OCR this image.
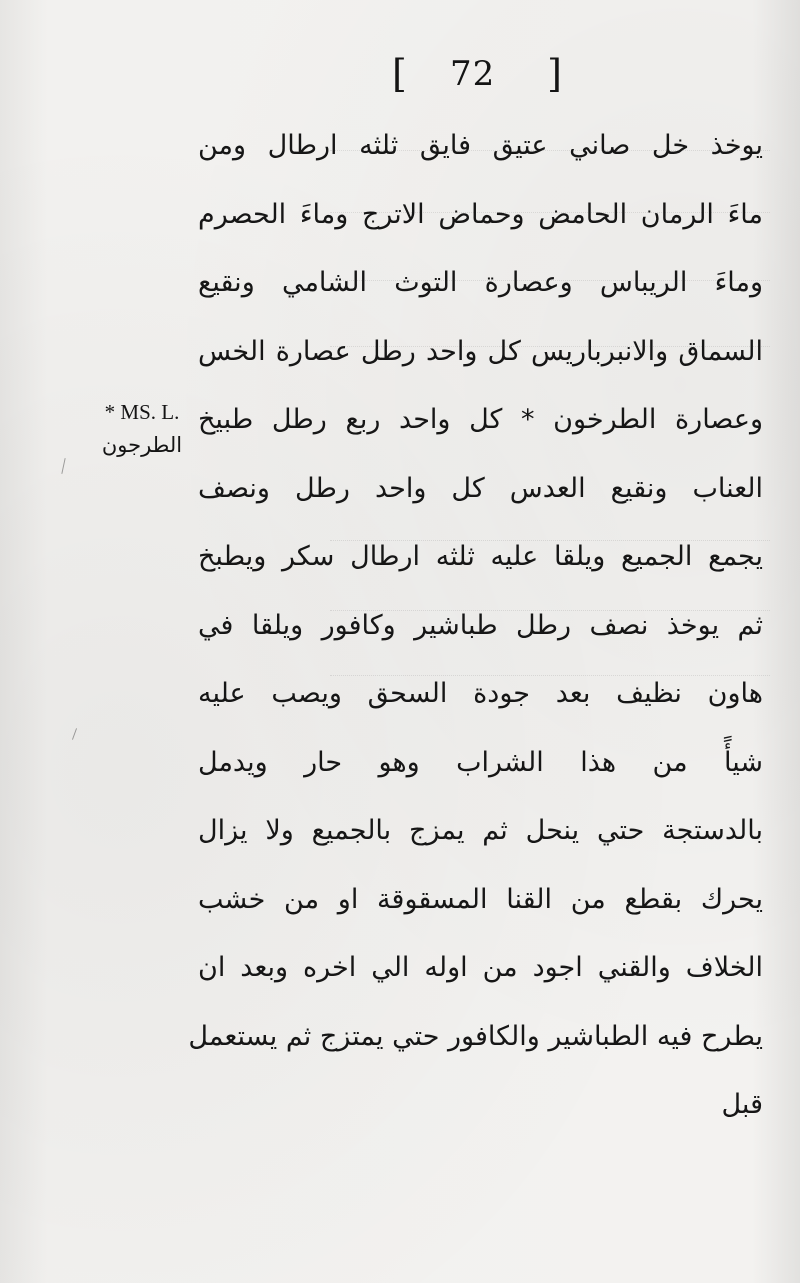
[ 72 ]
يوخذ خل صاني عتيق فايق ثلثه ارطال ومن
ماءَ الرمان الحامض وحماض الاترج وماءَ الحصرم
وماءَ الريباس وعصارة التوث الشامي ونقيع
السماق والانبرباريس كل واحد رطل عصارة الخس
وعصارة الطرخون * كل واحد ربع رطل طبيخ
العناب ونقيع العدس كل واحد رطل ونصف
يجمع الجميع ويلقا عليه ثلثه ارطال سكر ويطبخ
ثم يوخذ نصف رطل طباشير وكافور ويلقا في
هاون نظيف بعد جودة السحق ويصب عليه
شيأً من هذا الشراب وهو حار ويدمل
بالدستجة حتي ينحل ثم يمزج بالجميع ولا يزال
يحرك بقطع من القنا المسقوقة او من خشب
الخلاف والقني اجود من اوله الي اخره وبعد ان
يطرح فيه الطباشير والكافور حتي يمتزج ثم يستعمل
قبل
* MS. L.
الطرجون
